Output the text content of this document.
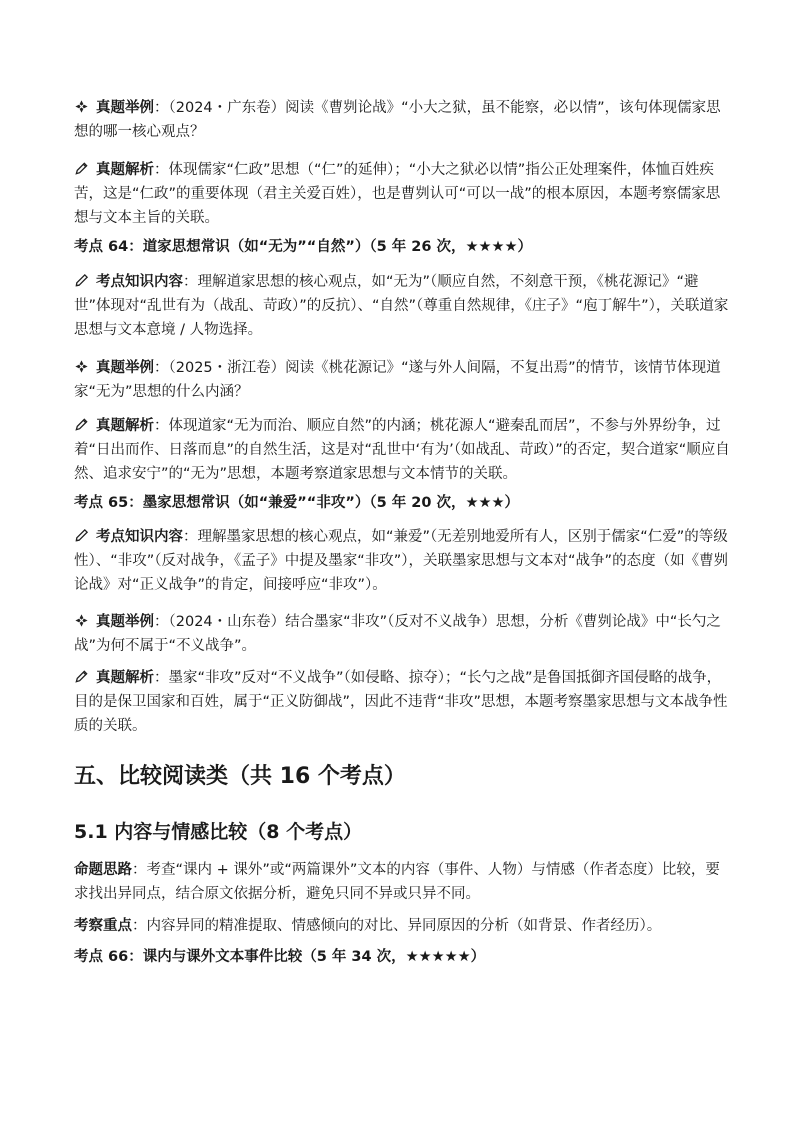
真题举例：（2024・广东卷）阅读《曹刿论战》“小大之狱，虽不能察，必以情”，该句体现儒家思想的哪一核心观点？

真题解析：体现儒家“仁政”思想（“仁”的延伸）；“小大之狱必以情”指公正处理案件，体恤百姓疾苦，这是“仁政”的重要体现（君主关爱百姓），也是曹刿认可“可以一战”的根本原因，本题考察儒家思想与文本主旨的关联。

考点 64：道家思想常识（如“无为”“自然”）（5 年 26 次，★★★★）

考点知识内容：理解道家思想的核心观点，如“无为”（顺应自然，不刻意干预，《桃花源记》“避世”体现对“乱世有为（战乱、苛政）”的反抗）、“自然”（尊重自然规律，《庄子》“庖丁解牛”），关联道家思想与文本意境 / 人物选择。

真题举例：（2025・浙江卷）阅读《桃花源记》“遂与外人间隔，不复出焉”的情节，该情节体现道家“无为”思想的什么内涵？

真题解析：体现道家“无为而治、顺应自然”的内涵；桃花源人“避秦乱而居”，不参与外界纷争，过着“日出而作、日落而息”的自然生活，这是对“乱世中‘有为’（如战乱、苛政）”的否定，契合道家“顺应自然、追求安宁”的“无为”思想，本题考察道家思想与文本情节的关联。

考点 65：墨家思想常识（如“兼爱”“非攻”）（5 年 20 次，★★★）

考点知识内容：理解墨家思想的核心观点，如“兼爱”（无差别地爱所有人，区别于儒家“仁爱”的等级性）、“非攻”（反对战争，《孟子》中提及墨家“非攻”），关联墨家思想与文本对“战争”的态度（如《曹刿论战》对“正义战争”的肯定，间接呼应“非攻”）。

真题举例：（2024・山东卷）结合墨家“非攻”（反对不义战争）思想，分析《曹刿论战》中“长勺之战”为何不属于“不义战争”。

真题解析：墨家“非攻”反对“不义战争”（如侵略、掠夺）；“长勺之战”是鲁国抵御齐国侵略的战争，目的是保卫国家和百姓，属于“正义防御战”，因此不违背“非攻”思想，本题考察墨家思想与文本战争性质的关联。

五、比较阅读类（共 16 个考点）

5.1 内容与情感比较（8 个考点）

命题思路：考查“课内 + 课外”或“两篇课外”文本的内容（事件、人物）与情感（作者态度）比较，要求找出异同点，结合原文依据分析，避免只同不异或只异不同。

考察重点：内容异同的精准提取、情感倾向的对比、异同原因的分析（如背景、作者经历）。

考点 66：课内与课外文本事件比较（5 年 34 次，★★★★★）
